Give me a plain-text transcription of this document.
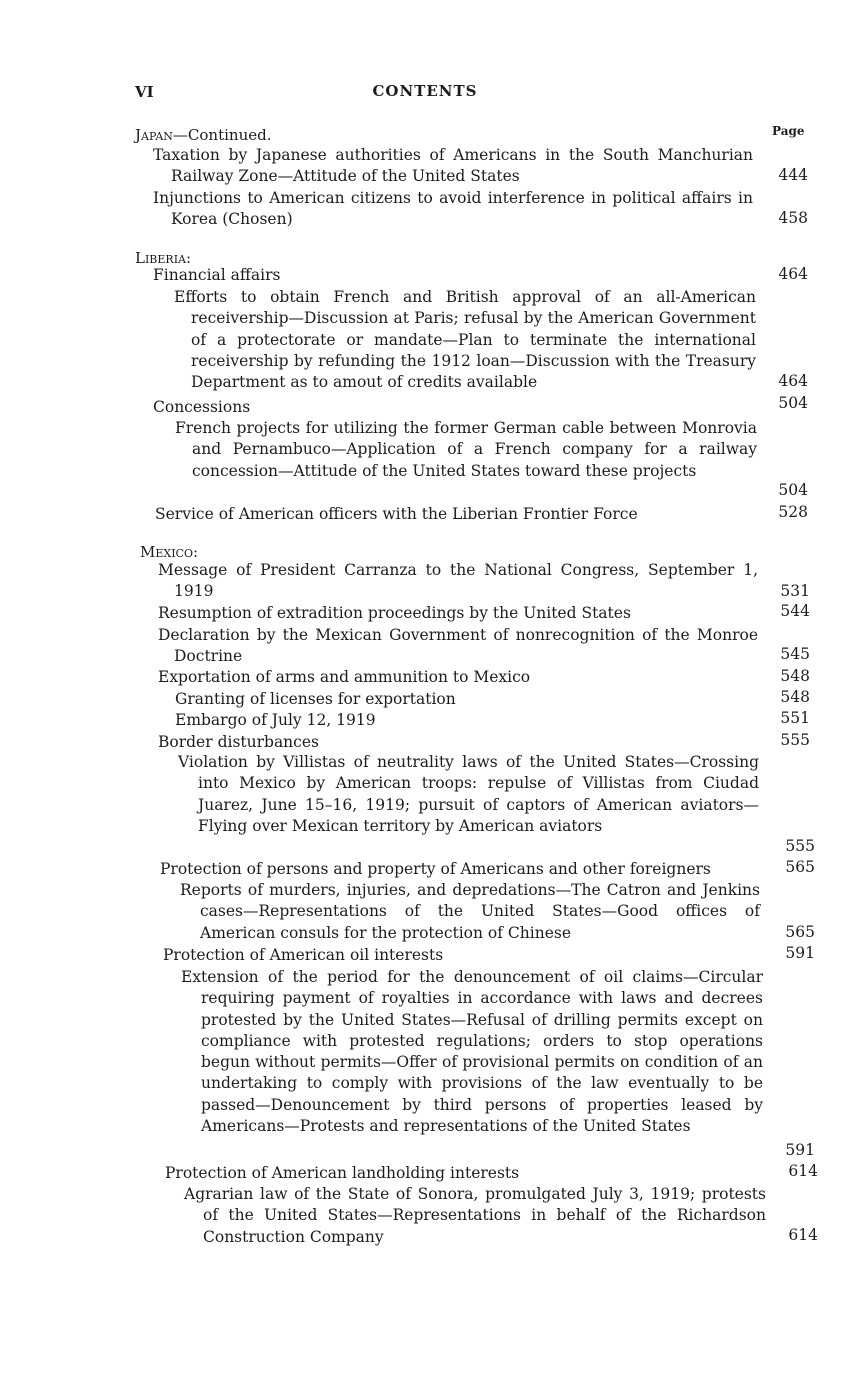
VI	CONTENTS
Page
Japan—Continued.
Taxation by Japanese authorities of Americans in the South Manchurian Railway Zone—Attitude of the United States	444
Injunctions to American citizens to avoid interference in political affairs in Korea (Chosen)	458
Liberia:
Financial affairs	464
Efforts to obtain French and British approval of an all-American receivership—Discussion at Paris; refusal by the American Government of a protectorate or mandate—Plan to terminate the international receivership by refunding the 1912 loan—Discussion with the Treasury Department as to amout of credits available	464
Concessions	504
French projects for utilizing the former German cable between Monrovia and Pernambuco—Application of a French company for a railway concession—Attitude of the United States toward these projects
504
Service of American officers with the Liberian Frontier Force	528
Mexico:
Message of President Carranza to the National Congress, September 1, 1919	531
Resumption of extradition proceedings by the United States	544
Declaration by the Mexican Government of nonrecognition of the Monroe Doctrine	545
Exportation of arms and ammunition to Mexico	548
Granting of licenses for exportation	548
Embargo of July 12, 1919	551
Border disturbances	555
Violation by Villistas of neutrality laws of the United States—Crossing into Mexico by American troops: repulse of Villistas from Ciudad Juarez, June 15–16, 1919; pursuit of captors of American aviators—Flying over Mexican territory by American aviators
555
Protection of persons and property of Americans and other foreigners	565
Reports of murders, injuries, and depredations—The Catron and Jenkins cases—Representations of the United States—Good offices of American consuls for the protection of Chinese	565
Protection of American oil interests	591
Extension of the period for the denouncement of oil claims—Circular requiring payment of royalties in accordance with laws and decrees protested by the United States—Refusal of drilling permits except on compliance with protested regulations; orders to stop operations begun without permits—Offer of provisional permits on condition of an undertaking to comply with provisions of the law eventually to be passed—Denouncement by third persons of properties leased by Americans—Protests and representations of the United States
591
Protection of American landholding interests	614
Agrarian law of the State of Sonora, promulgated July 3, 1919; protests of the United States—Representations in behalf of the Richardson Construction Company	614
